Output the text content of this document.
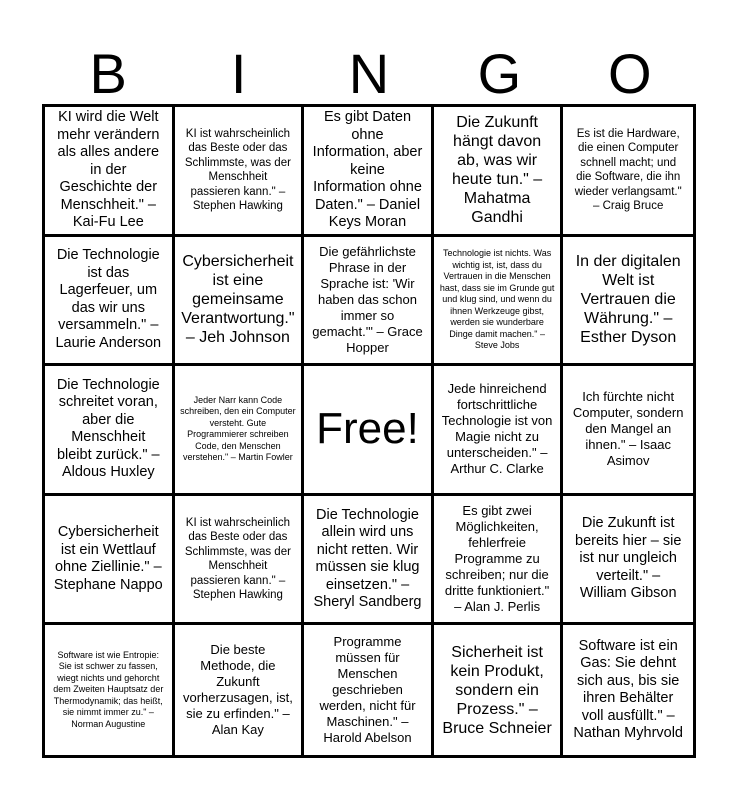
B	I	N	G	O
KI wird die Welt mehr verändern als alles andere in der Geschichte der Menschheit." – Kai-Fu Lee
KI ist wahrscheinlich das Beste oder das Schlimmste, was der Menschheit passieren kann." – Stephen Hawking
Es gibt Daten ohne Information, aber keine Information ohne Daten." – Daniel Keys Moran
Die Zukunft hängt davon ab, was wir heute tun." – Mahatma Gandhi
Es ist die Hardware, die einen Computer schnell macht; und die Software, die ihn wieder verlangsamt." – Craig Bruce
Die Technologie ist das Lagerfeuer, um das wir uns versammeln." – Laurie Anderson
Cybersicherheit ist eine gemeinsame Verantwortung." – Jeh Johnson
Die gefährlichste Phrase in der Sprache ist: 'Wir haben das schon immer so gemacht.'" – Grace Hopper
Technologie ist nichts. Was wichtig ist, ist, dass du Vertrauen in die Menschen hast, dass sie im Grunde gut und klug sind, und wenn du ihnen Werkzeuge gibst, werden sie wunderbare Dinge damit machen." – Steve Jobs
In der digitalen Welt ist Vertrauen die Währung." – Esther Dyson
Die Technologie schreitet voran, aber die Menschheit bleibt zurück." – Aldous Huxley
Jeder Narr kann Code schreiben, den ein Computer versteht. Gute Programmierer schreiben Code, den Menschen verstehen." – Martin Fowler
Free!
Jede hinreichend fortschrittliche Technologie ist von Magie nicht zu unterscheiden." – Arthur C. Clarke
Ich fürchte nicht Computer, sondern den Mangel an ihnen." – Isaac Asimov
Cybersicherheit ist ein Wettlauf ohne Ziellinie." – Stephane Nappo
KI ist wahrscheinlich das Beste oder das Schlimmste, was der Menschheit passieren kann." – Stephen Hawking
Die Technologie allein wird uns nicht retten. Wir müssen sie klug einsetzen." – Sheryl Sandberg
Es gibt zwei Möglichkeiten, fehlerfreie Programme zu schreiben; nur die dritte funktioniert." – Alan J. Perlis
Die Zukunft ist bereits hier – sie ist nur ungleich verteilt." – William Gibson
Software ist wie Entropie: Sie ist schwer zu fassen, wiegt nichts und gehorcht dem Zweiten Hauptsatz der Thermodynamik; das heißt, sie nimmt immer zu." – Norman Augustine
Die beste Methode, die Zukunft vorherzusagen, ist, sie zu erfinden." – Alan Kay
Programme müssen für Menschen geschrieben werden, nicht für Maschinen." – Harold Abelson
Sicherheit ist kein Produkt, sondern ein Prozess." – Bruce Schneier
Software ist ein Gas: Sie dehnt sich aus, bis sie ihren Behälter voll ausfüllt." – Nathan Myhrvold
